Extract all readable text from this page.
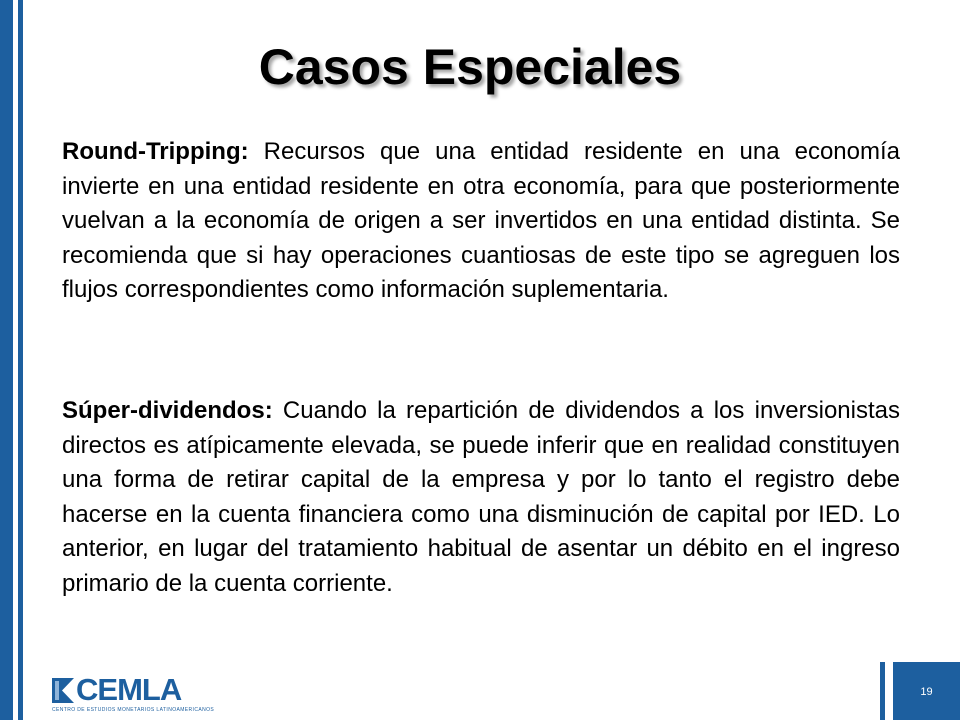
Casos Especiales

Round-Tripping: Recursos que una entidad residente en una economía invierte en una entidad residente en otra economía, para que posteriormente vuelvan a la economía de origen a ser invertidos en una entidad distinta. Se recomienda que si hay operaciones cuantiosas de este tipo se agreguen los flujos correspondientes como información suplementaria.

Súper-dividendos: Cuando la repartición de dividendos a los inversionistas directos es atípicamente elevada, se puede inferir que en realidad constituyen una forma de retirar capital de la empresa y por lo tanto el registro debe hacerse en la cuenta financiera como una disminución de capital por IED. Lo anterior, en lugar del tratamiento habitual de asentar un débito en el ingreso primario de la cuenta corriente.

CEMLA
CENTRO DE ESTUDIOS MONETARIOS LATINOAMERICANOS
19
